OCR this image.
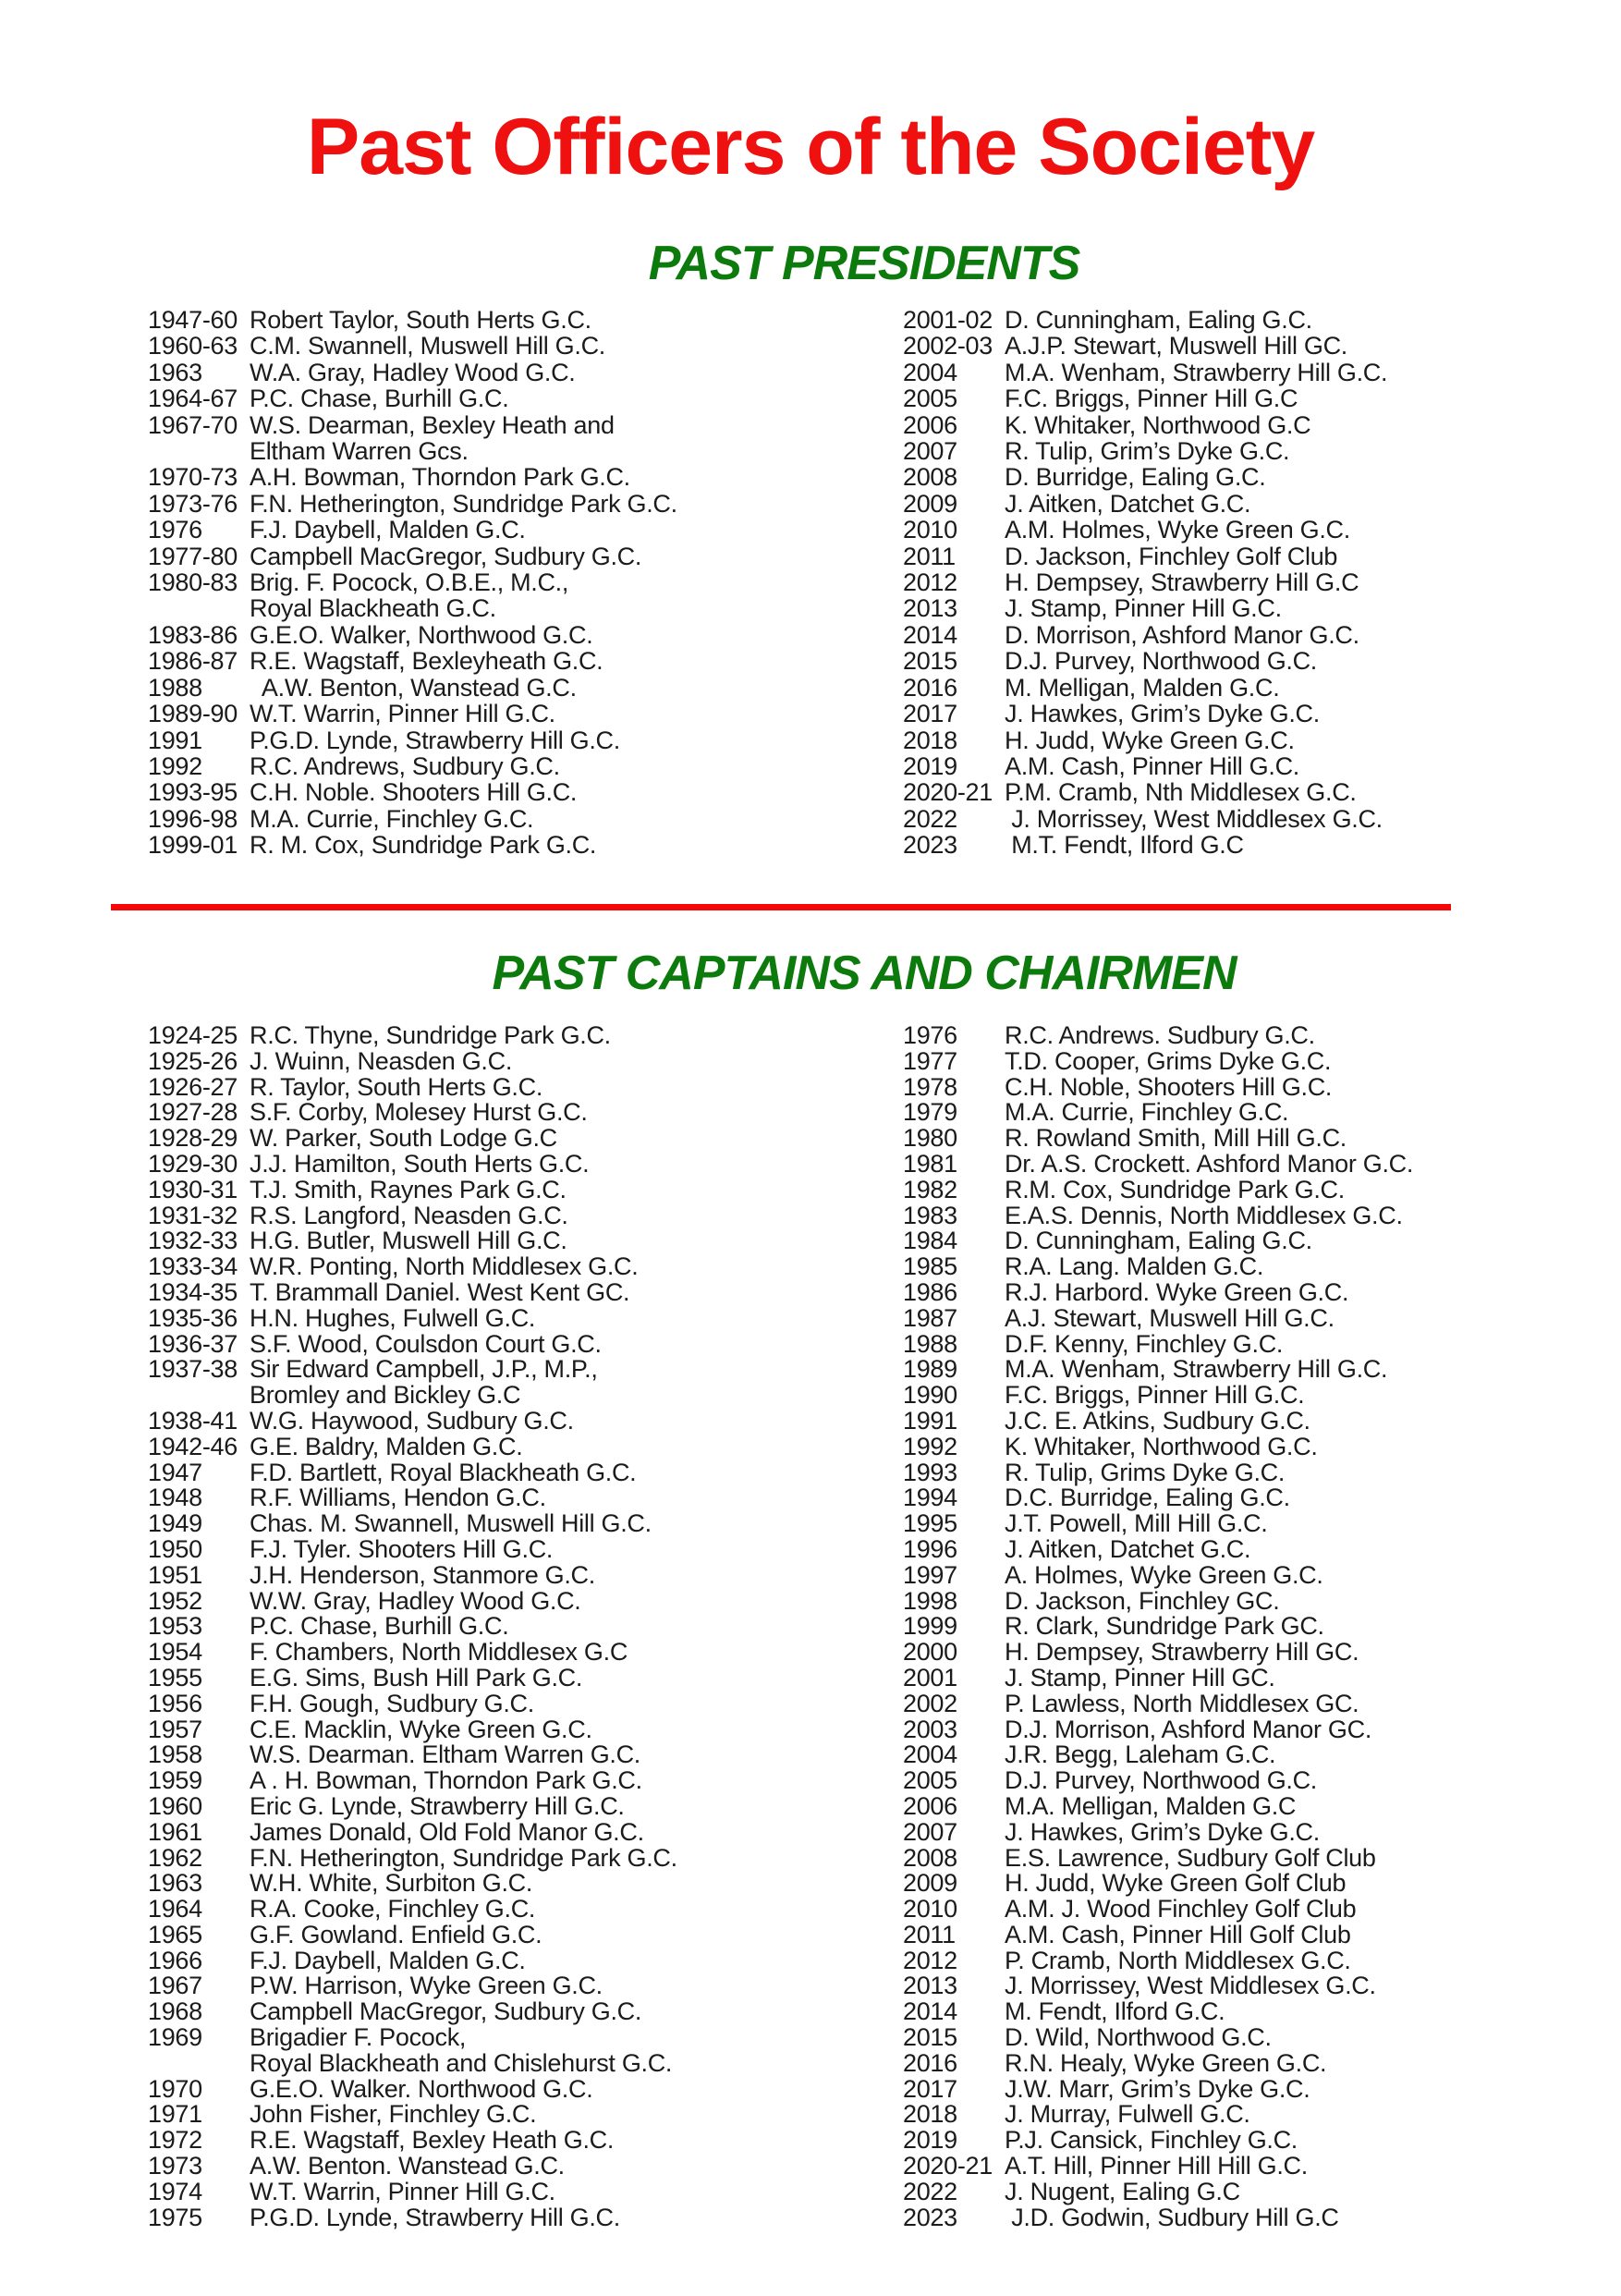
Past Officers of the Society
PAST PRESIDENTS
1947-60 Robert Taylor, South Herts G.C.
1960-63 C.M. Swannell, Muswell Hill G.C.
1963	W.A. Gray, Hadley Wood G.C.
1964-67 P.C. Chase, Burhill G.C.
1967-70 W.S. Dearman, Bexley Heath and
Eltham Warren Gcs.
1970-73 A.H. Bowman, Thorndon Park G.C.
1973-76 F.N. Hetherington, Sundridge Park G.C.
1976	F.J. Daybell, Malden G.C.
1977-80 Campbell MacGregor, Sudbury G.C.
1980-83 Brig. F. Pocock, O.B.E., M.C.,
Royal Blackheath G.C.
1983-86 G.E.O. Walker, Northwood G.C.
1986-87 R.E. Wagstaff, Bexleyheath G.C.
1988	A.W. Benton, Wanstead G.C.
1989-90 W.T. Warrin, Pinner Hill G.C.
1991	P.G.D. Lynde, Strawberry Hill G.C.
1992	R.C. Andrews, Sudbury G.C.
1993-95 C.H. Noble. Shooters Hill G.C.
1996-98 M.A. Currie, Finchley G.C.
1999-01 R. M. Cox, Sundridge Park G.C.
2001-02 D. Cunningham, Ealing G.C.
2002-03 A.J.P. Stewart, Muswell Hill GC.
2004	M.A. Wenham, Strawberry Hill G.C.
2005	F.C. Briggs, Pinner Hill G.C
2006	K. Whitaker, Northwood G.C
2007	R. Tulip, Grim’s Dyke G.C.
2008	D. Burridge, Ealing G.C.
2009	J. Aitken, Datchet G.C.
2010	A.M. Holmes, Wyke Green G.C.
2011	D. Jackson, Finchley Golf Club
2012	H. Dempsey, Strawberry Hill G.C
2013	J. Stamp, Pinner Hill G.C.
2014	D. Morrison, Ashford Manor G.C.
2015	D.J. Purvey, Northwood G.C.
2016	M. Melligan, Malden G.C.
2017	J. Hawkes, Grim’s Dyke G.C.
2018	H. Judd, Wyke Green G.C.
2019	A.M. Cash, Pinner Hill G.C.
2020-21 P.M. Cramb, Nth Middlesex G.C.
2022	J. Morrissey, West Middlesex G.C.
2023	M.T. Fendt, Ilford G.C
PAST CAPTAINS AND CHAIRMEN
1924-25 R.C. Thyne, Sundridge Park G.C.
1925-26 J. Wuinn, Neasden G.C.
1926-27 R. Taylor, South Herts G.C.
1927-28 S.F. Corby, Molesey Hurst G.C.
1928-29 W. Parker, South Lodge G.C
1929-30 J.J. Hamilton, South Herts G.C.
1930-31 T.J. Smith, Raynes Park G.C.
1931-32 R.S. Langford, Neasden G.C.
1932-33 H.G. Butler, Muswell Hill G.C.
1933-34 W.R. Ponting, North Middlesex G.C.
1934-35 T. Brammall Daniel. West Kent GC.
1935-36 H.N. Hughes, Fulwell G.C.
1936-37 S.F. Wood, Coulsdon Court G.C.
1937-38 Sir Edward Campbell, J.P., M.P.,
Bromley and Bickley G.C
1938-41 W.G. Haywood, Sudbury G.C.
1942-46 G.E. Baldry, Malden G.C.
1947	F.D. Bartlett, Royal Blackheath G.C.
1948	R.F. Williams, Hendon G.C.
1949	Chas. M. Swannell, Muswell Hill G.C.
1950	F.J. Tyler. Shooters Hill G.C.
1951	J.H. Henderson, Stanmore G.C.
1952	W.W. Gray, Hadley Wood G.C.
1953	P.C. Chase, Burhill G.C.
1954	F. Chambers, North Middlesex G.C
1955	E.G. Sims, Bush Hill Park G.C.
1956	F.H. Gough, Sudbury G.C.
1957	C.E. Macklin, Wyke Green G.C.
1958	W.S. Dearman. Eltham Warren G.C.
1959	A . H. Bowman, Thorndon Park G.C.
1960	Eric G. Lynde, Strawberry Hill G.C.
1961	James Donald, Old Fold Manor G.C.
1962	F.N. Hetherington, Sundridge Park G.C.
1963	W.H. White, Surbiton G.C.
1964	R.A. Cooke, Finchley G.C.
1965	G.F. Gowland. Enfield G.C.
1966	F.J. Daybell, Malden G.C.
1967	P.W. Harrison, Wyke Green G.C.
1968	Campbell MacGregor, Sudbury G.C.
1969	Brigadier F. Pocock,
Royal Blackheath and Chislehurst G.C.
1970	G.E.O. Walker. Northwood G.C.
1971	John Fisher, Finchley G.C.
1972	R.E. Wagstaff, Bexley Heath G.C.
1973	A.W. Benton. Wanstead G.C.
1974	W.T. Warrin, Pinner Hill G.C.
1975	P.G.D. Lynde, Strawberry Hill G.C.
1976	R.C. Andrews. Sudbury G.C.
1977	T.D. Cooper, Grims Dyke G.C.
1978	C.H. Noble, Shooters Hill G.C.
1979	M.A. Currie, Finchley G.C.
1980	R. Rowland Smith, Mill Hill G.C.
1981	Dr. A.S. Crockett. Ashford Manor G.C.
1982	R.M. Cox, Sundridge Park G.C.
1983	E.A.S. Dennis, North Middlesex G.C.
1984	D. Cunningham, Ealing G.C.
1985	R.A. Lang. Malden G.C.
1986	R.J. Harbord. Wyke Green G.C.
1987	A.J. Stewart, Muswell Hill G.C.
1988	D.F. Kenny, Finchley G.C.
1989	M.A. Wenham, Strawberry Hill G.C.
1990	F.C. Briggs, Pinner Hill G.C.
1991	J.C. E. Atkins, Sudbury G.C.
1992	K. Whitaker, Northwood G.C.
1993	R. Tulip, Grims Dyke G.C.
1994	D.C. Burridge, Ealing G.C.
1995	J.T. Powell, Mill Hill G.C.
1996	J. Aitken, Datchet G.C.
1997	A. Holmes, Wyke Green G.C.
1998	D. Jackson, Finchley GC.
1999	R. Clark, Sundridge Park GC.
2000	H. Dempsey, Strawberry Hill GC.
2001	J. Stamp, Pinner Hill GC.
2002	P. Lawless, North Middlesex GC.
2003	D.J. Morrison, Ashford Manor GC.
2004	J.R. Begg, Laleham G.C.
2005	D.J. Purvey, Northwood G.C.
2006	M.A. Melligan, Malden G.C
2007	J. Hawkes, Grim’s Dyke G.C.
2008	E.S. Lawrence, Sudbury Golf Club
2009	H. Judd, Wyke Green Golf Club
2010	A.M. J. Wood Finchley Golf Club
2011	A.M. Cash, Pinner Hill Golf Club
2012	P. Cramb, North Middlesex G.C.
2013	J. Morrissey, West Middlesex G.C.
2014	M. Fendt, Ilford G.C.
2015	D. Wild, Northwood G.C.
2016	R.N. Healy, Wyke Green G.C.
2017	J.W. Marr, Grim’s Dyke G.C.
2018	J. Murray, Fulwell G.C.
2019	P.J. Cansick, Finchley G.C.
2020-21 A.T. Hill, Pinner Hill Hill G.C.
2022	J. Nugent, Ealing G.C
2023	J.D. Godwin, Sudbury Hill G.C
